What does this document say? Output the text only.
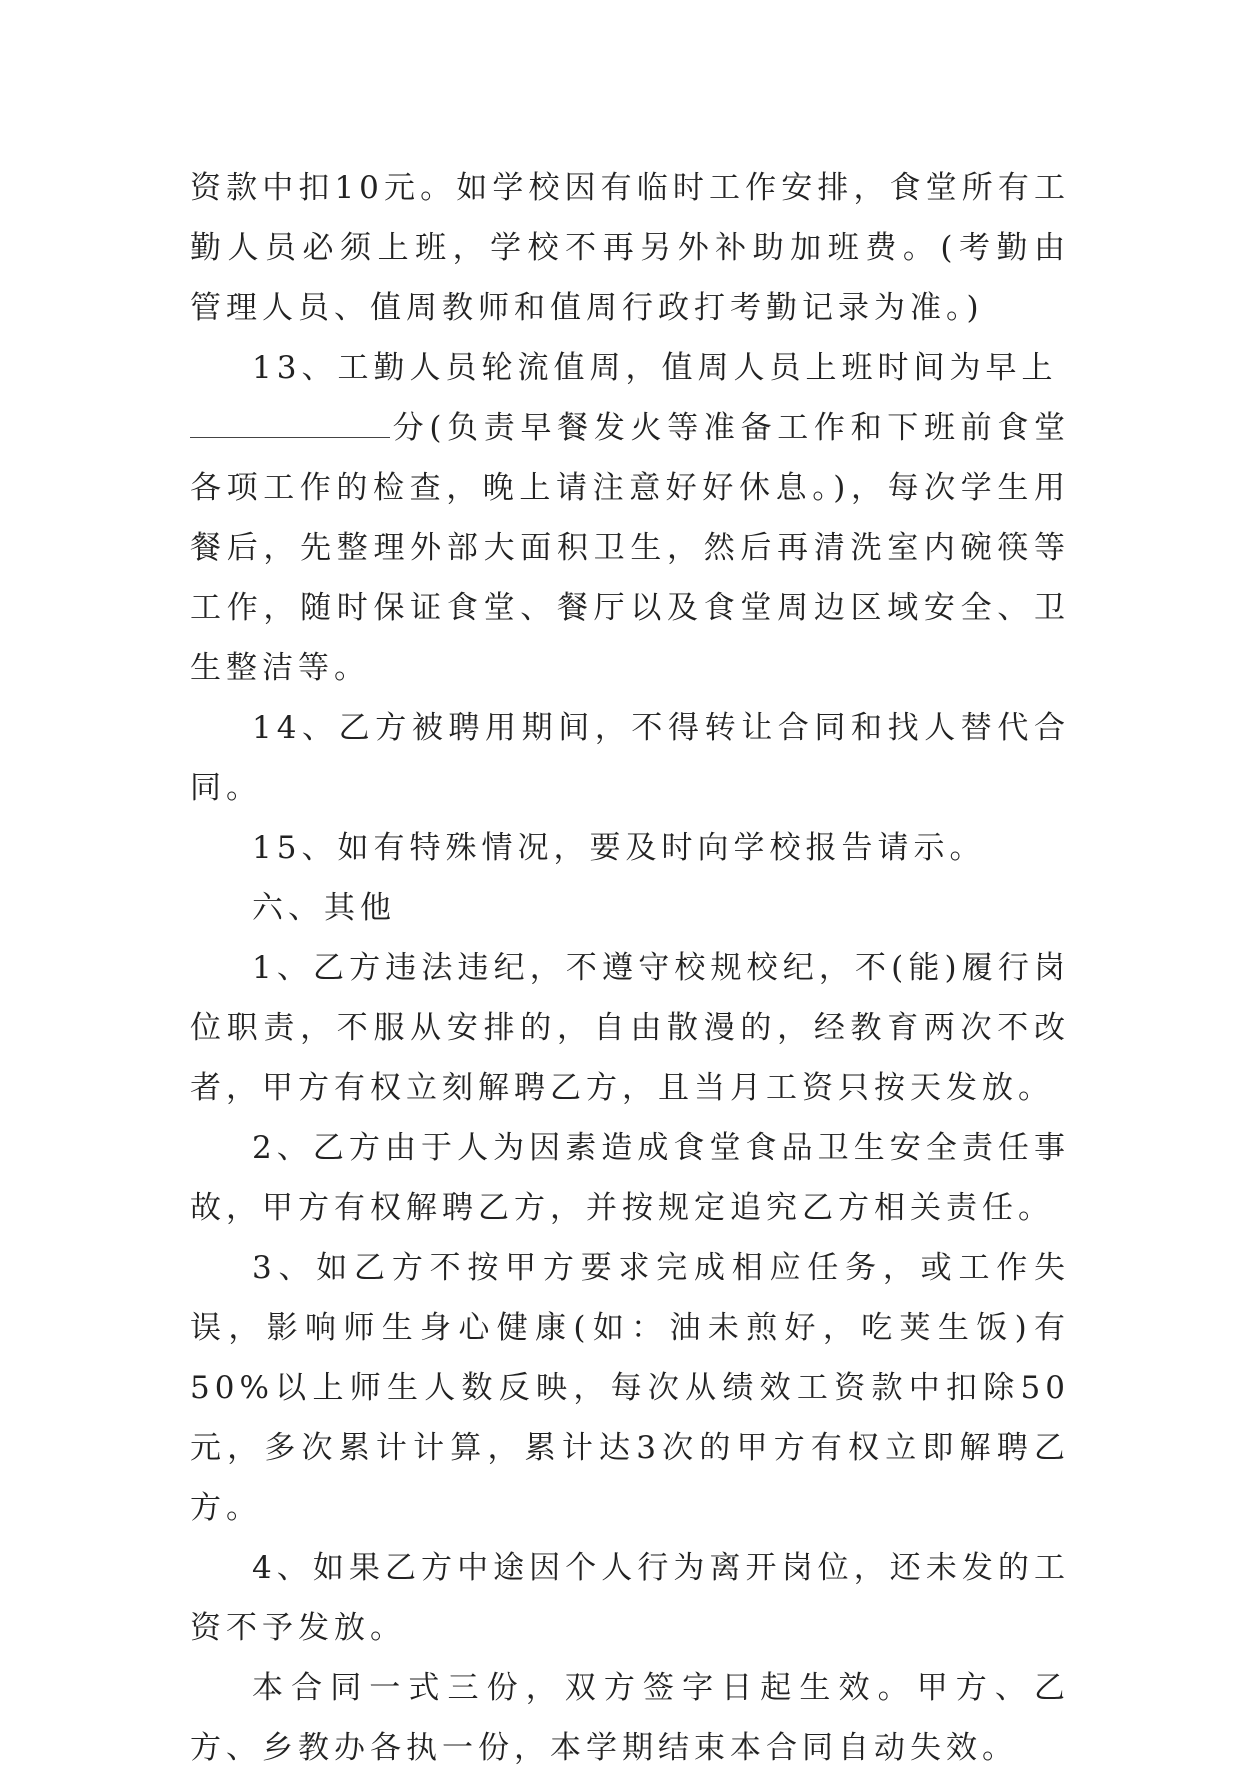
资款中扣10元。如学校因有临时工作安排，食堂所有工勤人员必须上班，学校不再另外补助加班费。(考勤由管理人员、值周教师和值周行政打考勤记录为准。)

13、工勤人员轮流值周，值周人员上班时间为早上

分(负责早餐发火等准备工作和下班前食堂各项工作的检查，晚上请注意好好休息。)，每次学生用餐后，先整理外部大面积卫生，然后再清洗室内碗筷等工作，随时保证食堂、餐厅以及食堂周边区域安全、卫生整洁等。

14、乙方被聘用期间，不得转让合同和找人替代合同。

15、如有特殊情况，要及时向学校报告请示。

六、其他

1、乙方违法违纪，不遵守校规校纪，不(能)履行岗位职责，不服从安排的，自由散漫的，经教育两次不改者，甲方有权立刻解聘乙方，且当月工资只按天发放。

2、乙方由于人为因素造成食堂食品卫生安全责任事故，甲方有权解聘乙方，并按规定追究乙方相关责任。

3、如乙方不按甲方要求完成相应任务，或工作失误，影响师生身心健康(如：油未煎好，吃荚生饭)有50%以上师生人数反映，每次从绩效工资款中扣除50元，多次累计计算，累计达3次的甲方有权立即解聘乙方。

4、如果乙方中途因个人行为离开岗位，还未发的工资不予发放。

本合同一式三份，双方签字日起生效。甲方、乙方、乡教办各执一份，本学期结束本合同自动失效。
